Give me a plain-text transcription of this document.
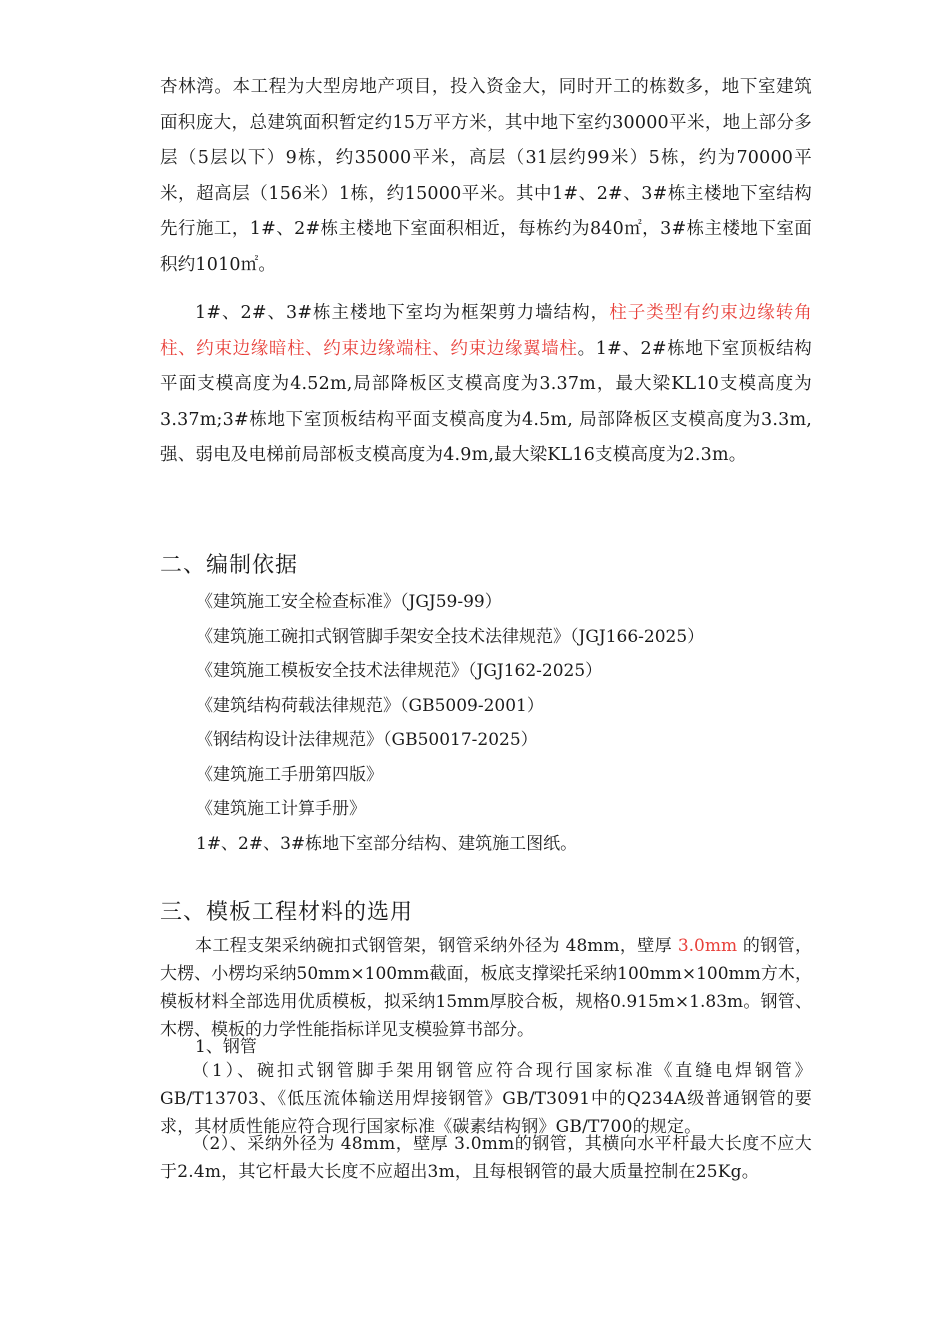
杏林湾。本工程为大型房地产项目，投入资金大，同时开工的栋数多，地下室建筑面积庞大，总建筑面积暂定约15万平方米，其中地下室约30000平米，地上部分多层（5层以下）9栋，约35000平米，高层（31层约99米）5栋，约为70000平米，超高层（156米）1栋，约15000平米。其中1#、2#、3#栋主楼地下室结构先行施工，1#、2#栋主楼地下室面积相近，每栋约为840㎡，3#栋主楼地下室面积约1010㎡。

1#、2#、3#栋主楼地下室均为框架剪力墙结构，柱子类型有约束边缘转角柱、约束边缘暗柱、约束边缘端柱、约束边缘翼墙柱。1#、2#栋地下室顶板结构平面支模高度为4.52m,局部降板区支模高度为3.37m，最大梁KL10支模高度为3.37m;3#栋地下室顶板结构平面支模高度为4.5m, 局部降板区支模高度为3.3m,强、弱电及电梯前局部板支模高度为4.9m,最大梁KL16支模高度为2.3m。

二、编制依据
《建筑施工安全检查标准》（JGJ59-99）
《建筑施工碗扣式钢管脚手架安全技术法律规范》（JGJ166-2025）
《建筑施工模板安全技术法律规范》（JGJ162-2025）
《建筑结构荷载法律规范》（GB5009-2001）
《钢结构设计法律规范》（GB50017-2025）
《建筑施工手册第四版》
《建筑施工计算手册》
1#、2#、3#栋地下室部分结构、建筑施工图纸。
三、模板工程材料的选用

本工程支架采纳碗扣式钢管架，钢管采纳外径为 48mm，壁厚 3.0mm 的钢管，大楞、小楞均采纳50mm×100mm截面，板底支撑梁托采纳100mm×100mm方木，模板材料全部选用优质模板，拟采纳15mm厚胶合板，规格0.915m×1.83m。钢管、木楞、模板的力学性能指标详见支模验算书部分。

1、钢管

（1）、碗扣式钢管脚手架用钢管应符合现行国家标准《直缝电焊钢管》GB/T13703、《低压流体输送用焊接钢管》GB/T3091中的Q234A级普通钢管的要求，其材质性能应符合现行国家标准《碳素结构钢》GB/T700的规定。

（2）、采纳外径为 48mm，壁厚 3.0mm的钢管，其横向水平杆最大长度不应大于2.4m，其它杆最大长度不应超出3m，且每根钢管的最大质量控制在25Kg。
